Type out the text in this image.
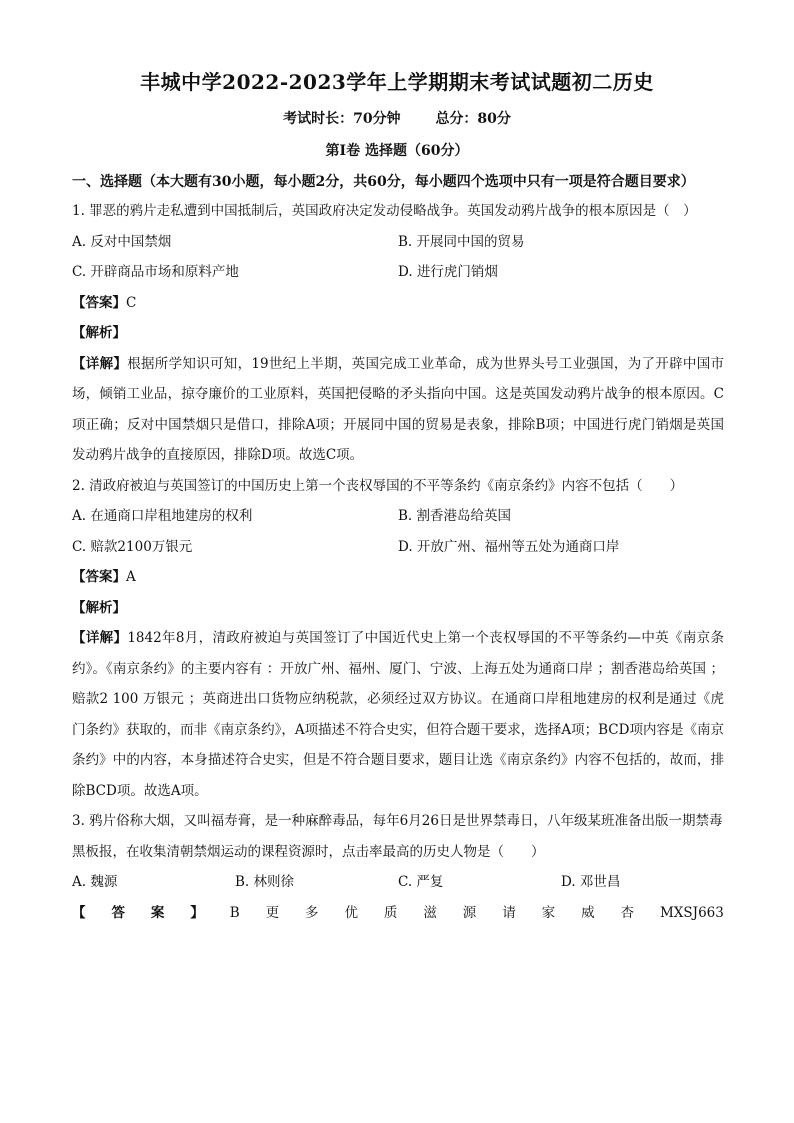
丰城中学2022-2023学年上学期期末考试试题初二历史
考试时长：70分钟 总分：80分
第Ⅰ卷 选择题（60分）
一、选择题（本大题有30小题，每小题2分，共60分，每小题四个选项中只有一项是符合题目要求）
1. 罪恶的鸦片走私遭到中国抵制后，英国政府决定发动侵略战争。英国发动鸦片战争的根本原因是（　）
A. 反对中国禁烟	B. 开展同中国的贸易
C. 开辟商品市场和原料产地	D. 进行虎门销烟
【答案】C
【解析】
【详解】根据所学知识可知，19世纪上半期，英国完成工业革命，成为世界头号工业强国，为了开辟中国市场，倾销工业品，掠夺廉价的工业原料，英国把侵略的矛头指向中国。这是英国发动鸦片战争的根本原因。C项正确；反对中国禁烟只是借口，排除A项；开展同中国的贸易是表象，排除B项；中国进行虎门销烟是英国发动鸦片战争的直接原因，排除D项。故选C项。
2. 清政府被迫与英国签订的中国历史上第一个丧权辱国的不平等条约《南京条约》内容不包括（　　）
A. 在通商口岸租地建房的权利	B. 割香港岛给英国
C. 赔款2100万银元	D. 开放广州、福州等五处为通商口岸
【答案】A
【解析】
【详解】1842年8月，清政府被迫与英国签订了中国近代史上第一个丧权辱国的不平等条约—中英《南京条约》。《南京条约》的主要内容有 ：开放广州、福州、厦门、宁波、上海五处为通商口岸 ；割香港岛给英国 ；赔款2 100 万银元 ；英商进出口货物应纳税款，必须经过双方协议。在通商口岸租地建房的权利是通过《虎门条约》获取的，而非《南京条约》，A项描述不符合史实，但符合题干要求，选择A项；BCD项内容是《南京条约》中的内容，本身描述符合史实，但是不符合题目要求，题目让选《南京条约》内容不包括的，故而，排除BCD项。故选A项。
3. 鸦片俗称大烟，又叫福寿膏，是一种麻醉毒品，每年6月26日是世界禁毒日，八年级某班准备出版一期禁毒黑板报，在收集清朝禁烟运动的课程资源时，点击率最高的历史人物是（　　）
A. 魏源	B. 林则徐	C. 严复	D. 邓世昌
【 答 案 】 B 更 多 优 质 滋 源 请 家 威 杏 MXSJ663
